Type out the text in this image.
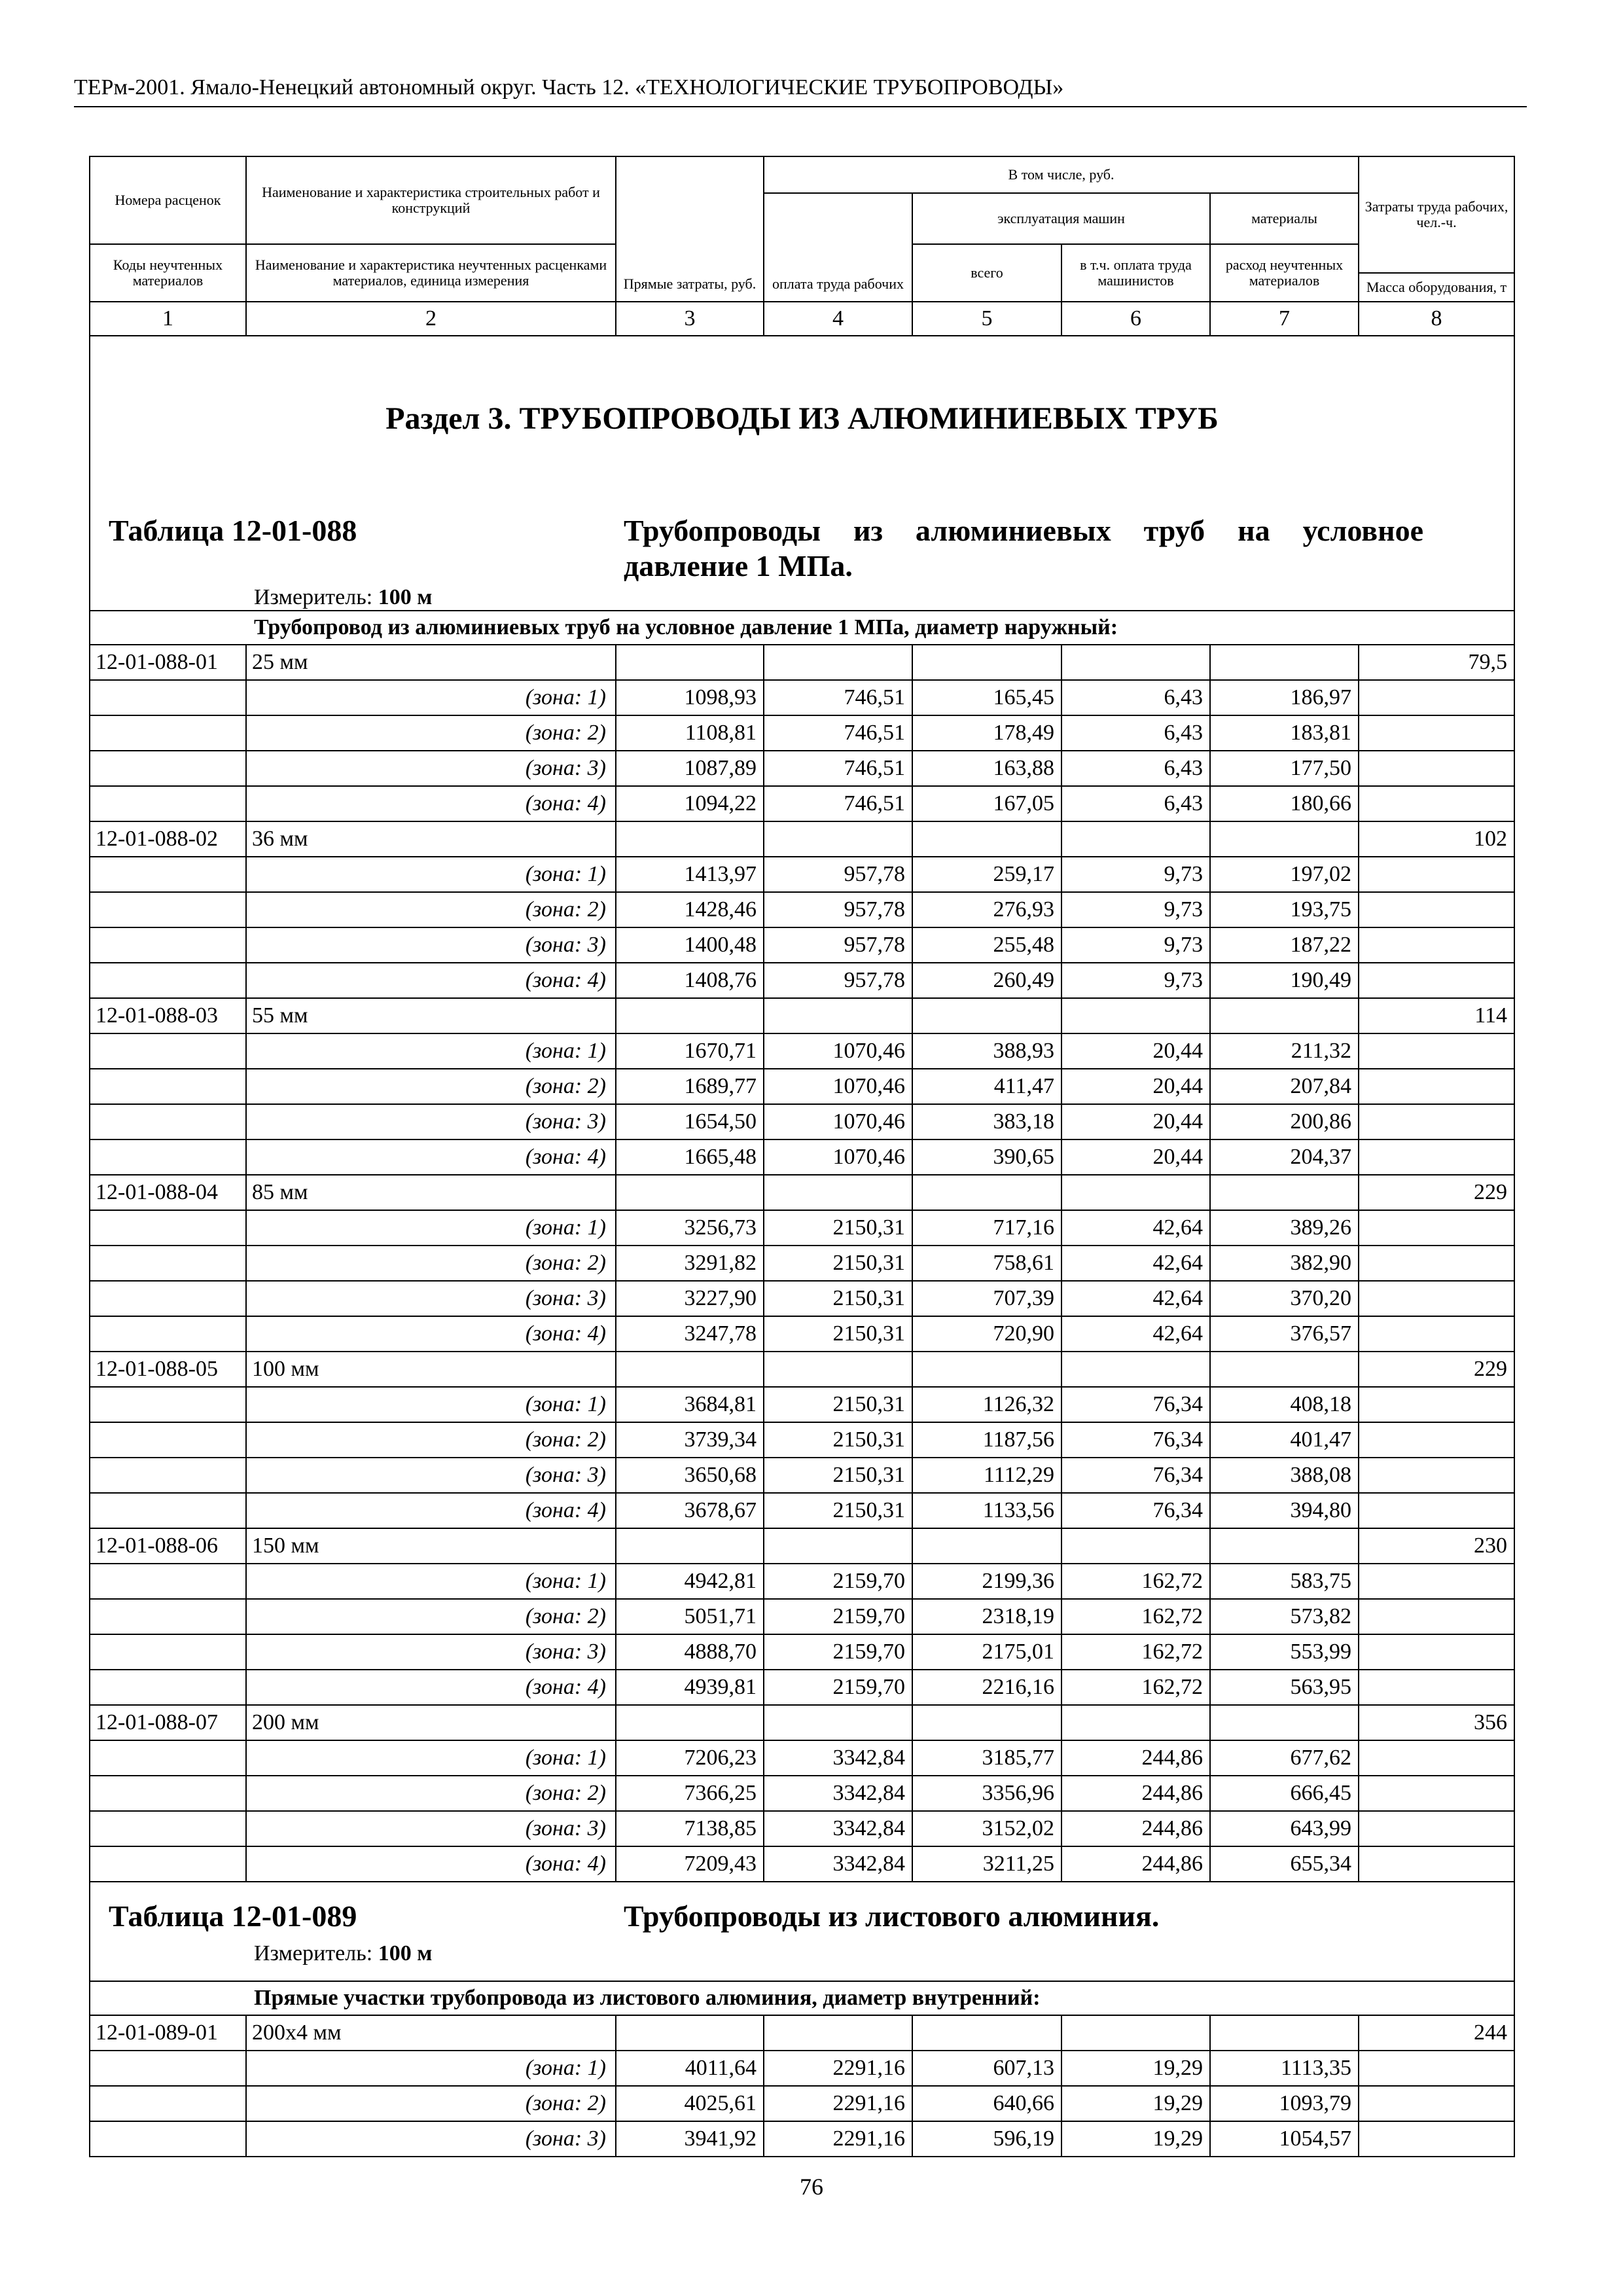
ТЕРм-2001. Ямало-Ненецкий автономный округ. Часть 12. «ТЕХНОЛОГИЧЕСКИЕ ТРУБОПРОВОДЫ»
Номера расценок	Наименование и характеристика строительных работ и конструкций	Прямые затраты, руб.	В том числе, руб.				Затраты труда рабочих, чел.-ч.
			оплата труда рабочих	эксплуатация машин		материалы	
Коды неучтенных материалов	Наименование и характеристика неучтенных расценками материалов, единица измерения			всего	в т.ч. оплата труда машинистов	расход неучтенных материалов	
							Масса оборудования, т
1	2	3	4	5	6	7	8

Раздел 3. ТРУБОПРОВОДЫ ИЗ АЛЮМИНИЕВЫХ ТРУБ
Таблица 12-01-088 Трубопроводы из алюминиевых труб на условное давление 1 МПа.
Измеритель: 100 м							

Трубопровод из алюминиевых труб на условное давление 1 МПа, диаметр наружный:							
12-01-088-01	25 мм						79,5
	(зона: 1)	1098,93	746,51	165,45	6,43	186,97	
	(зона: 2)	1108,81	746,51	178,49	6,43	183,81	
	(зона: 3)	1087,89	746,51	163,88	6,43	177,50	
	(зона: 4)	1094,22	746,51	167,05	6,43	180,66	
12-01-088-02	36 мм						102
	(зона: 1)	1413,97	957,78	259,17	9,73	197,02	
	(зона: 2)	1428,46	957,78	276,93	9,73	193,75	
	(зона: 3)	1400,48	957,78	255,48	9,73	187,22	
	(зона: 4)	1408,76	957,78	260,49	9,73	190,49	
12-01-088-03	55 мм						114
	(зона: 1)	1670,71	1070,46	388,93	20,44	211,32	
	(зона: 2)	1689,77	1070,46	411,47	20,44	207,84	
	(зона: 3)	1654,50	1070,46	383,18	20,44	200,86	
	(зона: 4)	1665,48	1070,46	390,65	20,44	204,37	
12-01-088-04	85 мм						229
	(зона: 1)	3256,73	2150,31	717,16	42,64	389,26	
	(зона: 2)	3291,82	2150,31	758,61	42,64	382,90	
	(зона: 3)	3227,90	2150,31	707,39	42,64	370,20	
	(зона: 4)	3247,78	2150,31	720,90	42,64	376,57	
12-01-088-05	100 мм						229
	(зона: 1)	3684,81	2150,31	1126,32	76,34	408,18	
	(зона: 2)	3739,34	2150,31	1187,56	76,34	401,47	
	(зона: 3)	3650,68	2150,31	1112,29	76,34	388,08	
	(зона: 4)	3678,67	2150,31	1133,56	76,34	394,80	
12-01-088-06	150 мм						230
	(зона: 1)	4942,81	2159,70	2199,36	162,72	583,75	
	(зона: 2)	5051,71	2159,70	2318,19	162,72	573,82	
	(зона: 3)	4888,70	2159,70	2175,01	162,72	553,99	
	(зона: 4)	4939,81	2159,70	2216,16	162,72	563,95	
12-01-088-07	200 мм						356
	(зона: 1)	7206,23	3342,84	3185,77	244,86	677,62	
	(зона: 2)	7366,25	3342,84	3356,96	244,86	666,45	
	(зона: 3)	7138,85	3342,84	3152,02	244,86	643,99	
	(зона: 4)	7209,43	3342,84	3211,25	244,86	655,34	

Таблица 12-01-089 Трубопроводы из листового алюминия.
Измеритель: 100 м							

Прямые участки трубопровода из листового алюминия, диаметр внутренний:							
12-01-089-01	200х4 мм						244
	(зона: 1)	4011,64	2291,16	607,13	19,29	1113,35	
	(зона: 2)	4025,61	2291,16	640,66	19,29	1093,79	
	(зона: 3)	3941,92	2291,16	596,19	19,29	1054,57	
76
